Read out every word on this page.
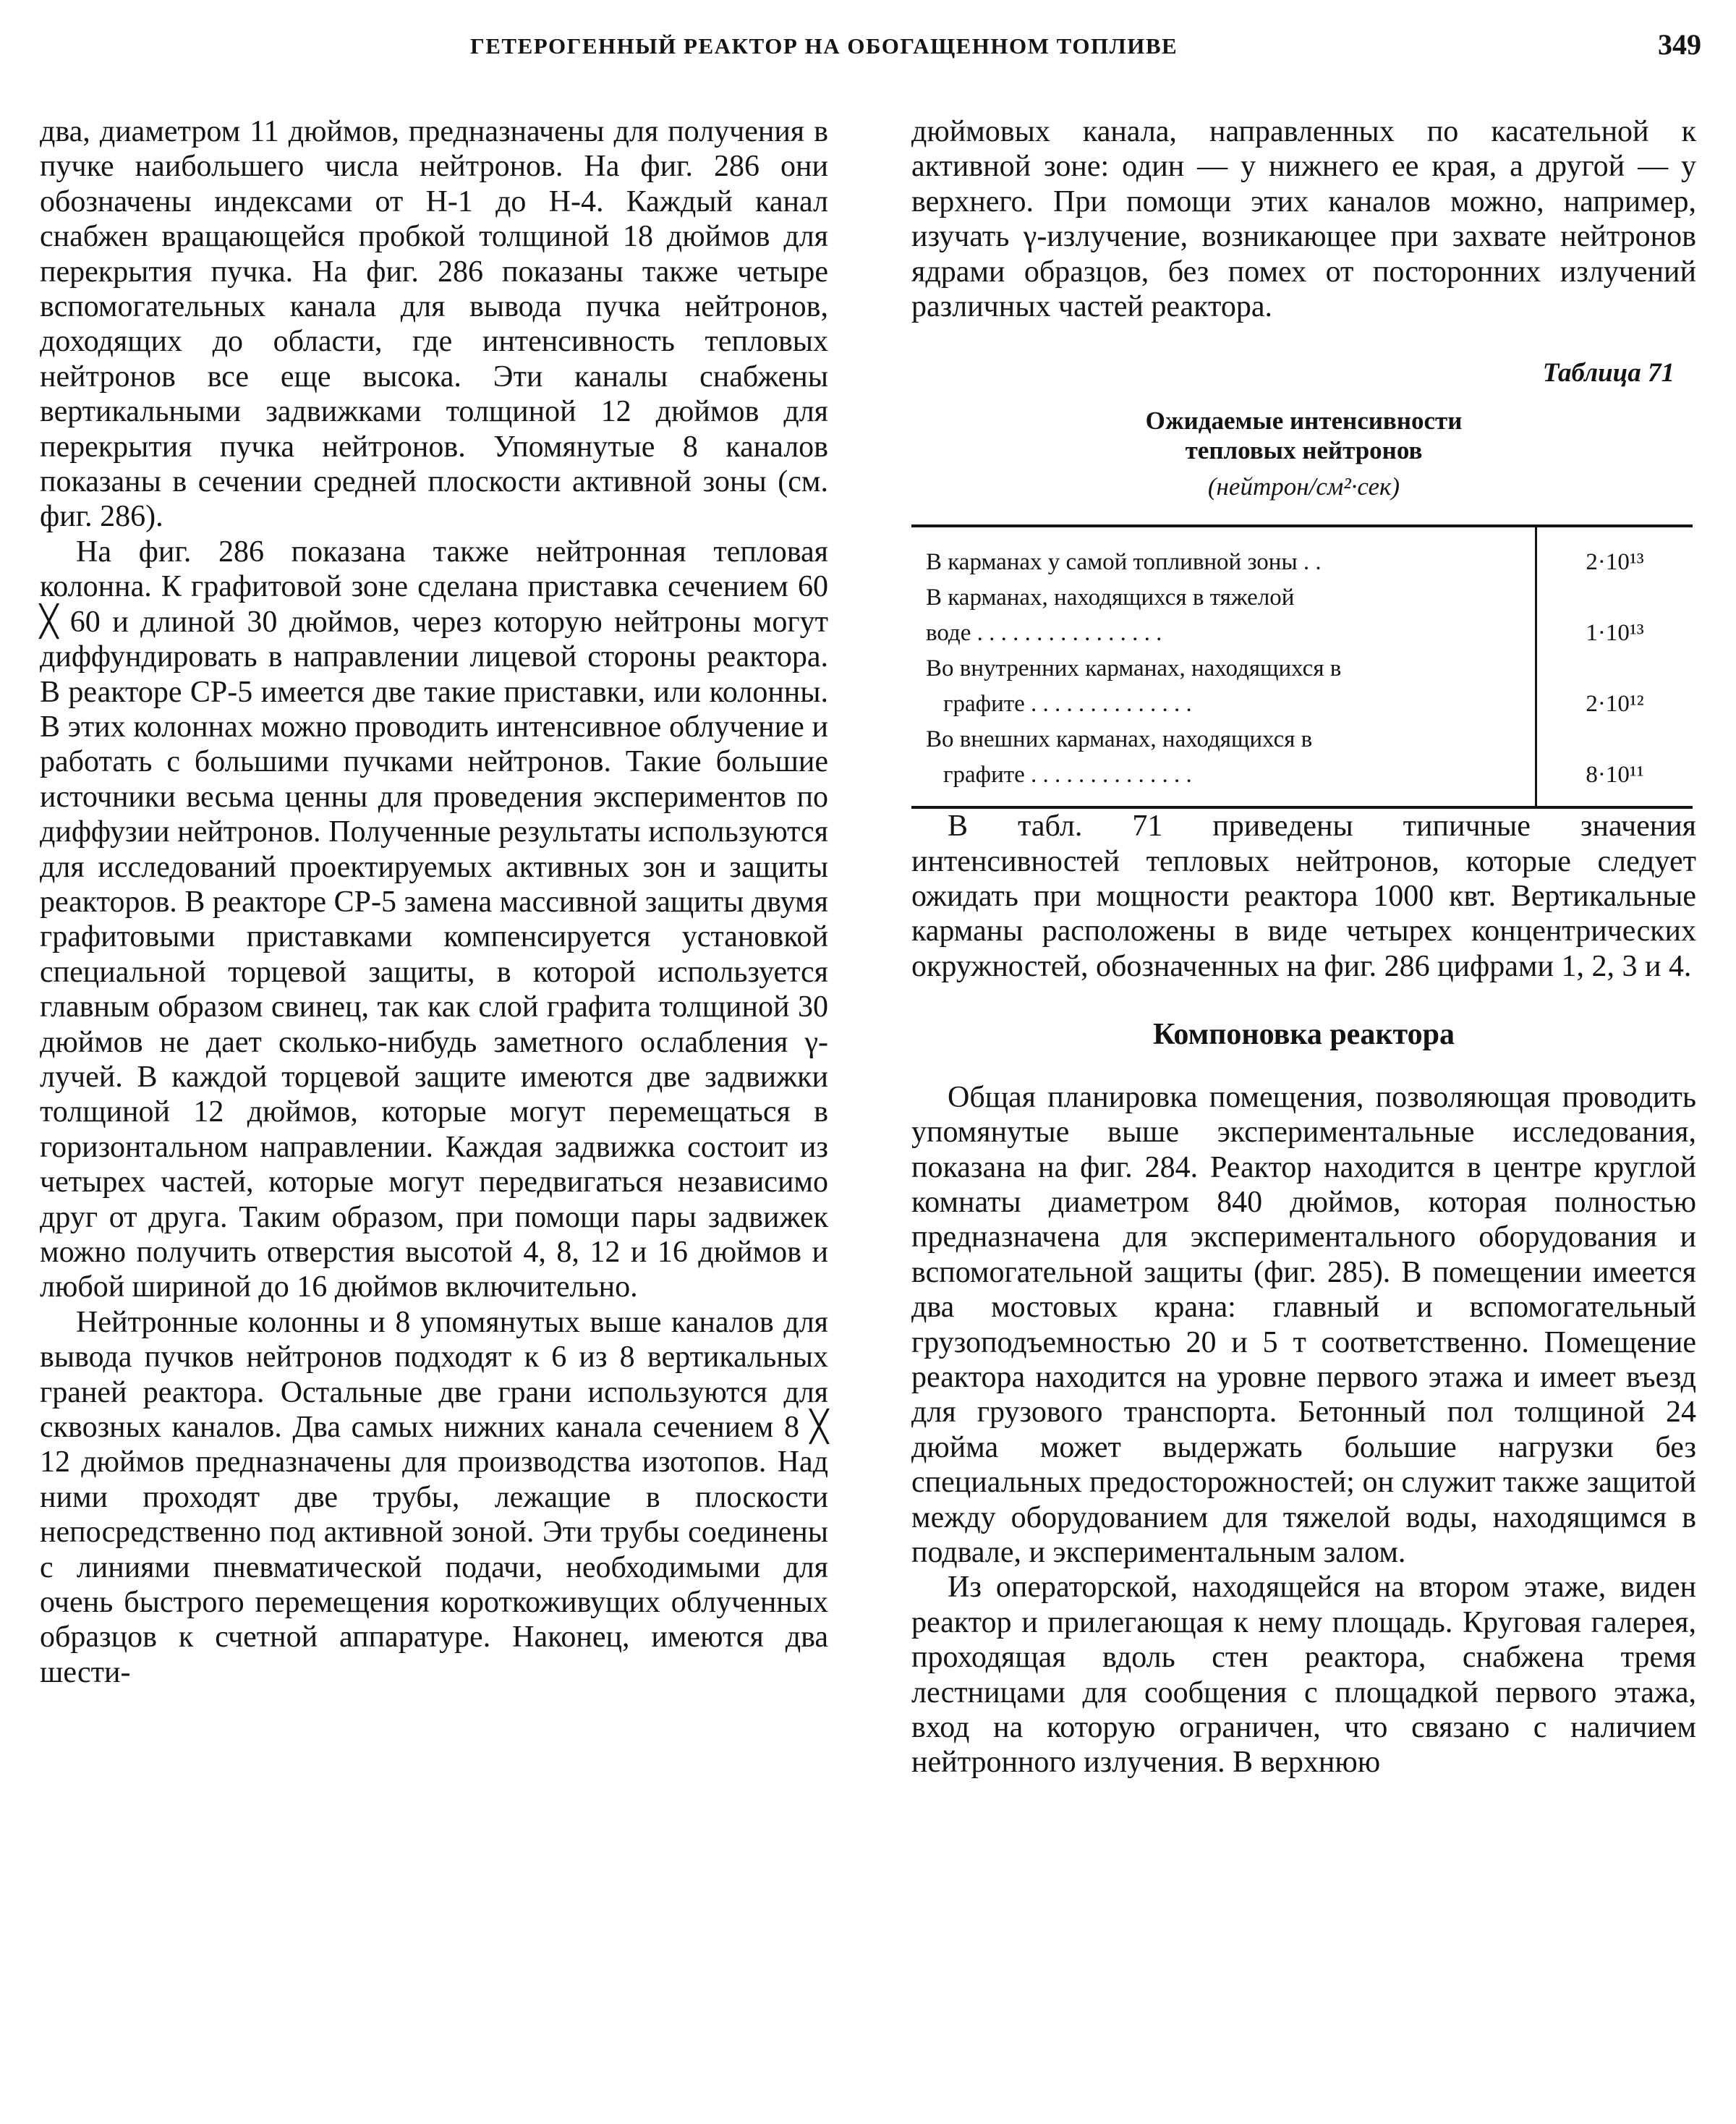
ГЕТЕРОГЕННЫЙ РЕАКТОР НА ОБОГАЩЕННОМ ТОПЛИВЕ	349

два, диаметром 11 дюймов, предназначены для получения в пучке наибольшего числа нейтронов. На фиг. 286 они обозначены индексами от Н-1 до Н-4. Каждый канал снабжен вращающейся пробкой толщиной 18 дюймов для перекрытия пучка. На фиг. 286 показаны также четыре вспомогательных канала для вывода пучка нейтронов, доходящих до области, где интенсивность тепловых нейтронов все еще высока. Эти каналы снабжены вертикальными задвижками толщиной 12 дюймов для перекрытия пучка нейтронов. Упомянутые 8 каналов показаны в сечении средней плоскости активной зоны (см. фиг. 286).

На фиг. 286 показана также нейтронная тепловая колонна. К графитовой зоне сделана приставка сечением 60 ╳ 60 и длиной 30 дюймов, через которую нейтроны могут диффундировать в направлении лицевой стороны реактора. В реакторе СР-5 имеется две такие приставки, или колонны. В этих колоннах можно проводить интенсивное облучение и работать с большими пучками нейтронов. Такие большие источники весьма ценны для проведения экспериментов по диффузии нейтронов. Полученные результаты используются для исследований проектируемых активных зон и защиты реакторов. В реакторе СР-5 замена массивной защиты двумя графитовыми приставками компенсируется установкой специальной торцевой защиты, в которой используется главным образом свинец, так как слой графита толщиной 30 дюймов не дает сколько-нибудь заметного ослабления γ-лучей. В каждой торцевой защите имеются две задвижки толщиной 12 дюймов, которые могут перемещаться в горизонтальном направлении. Каждая задвижка состоит из четырех частей, которые могут передвигаться независимо друг от друга. Таким образом, при помощи пары задвижек можно получить отверстия высотой 4, 8, 12 и 16 дюймов и любой шириной до 16 дюймов включительно.

Нейтронные колонны и 8 упомянутых выше каналов для вывода пучков нейтронов подходят к 6 из 8 вертикальных граней реактора. Остальные две грани используются для сквозных каналов. Два самых нижних канала сечением 8 ╳ 12 дюймов предназначены для производства изотопов. Над ними проходят две трубы, лежащие в плоскости непосредственно под активной зоной. Эти трубы соединены с линиями пневматической подачи, необходимыми для очень быстрого перемещения короткоживущих облученных образцов к счетной аппаратуре. Наконец, имеются два шести-

дюймовых канала, направленных по касательной к активной зоне: один — у нижнего ее края, а другой — у верхнего. При помощи этих каналов можно, например, изучать γ-излучение, возникающее при захвате нейтронов ядрами образцов, без помех от посторонних излучений различных частей реактора.

Таблица 71
Ожидаемые интенсивности
тепловых нейтронов
(нейтрон/см²·сек)
В карманах у самой топливной зоны . .	2·10¹³

В карманах, находящихся в тяжелой
воде . . . . . . . . . . . . . . . .	1·10¹³

Во внутренних карманах, находящихся в
графите . . . . . . . . . . . . . .	2·10¹²

Во внешних карманах, находящихся в
графите . . . . . . . . . . . . . .	8·10¹¹

В табл. 71 приведены типичные значения интенсивностей тепловых нейтронов, которые следует ожидать при мощности реактора 1000 квт. Вертикальные карманы расположены в виде четырех концентрических окружностей, обозначенных на фиг. 286 цифрами 1, 2, 3 и 4.

Компоновка реактора

Общая планировка помещения, позволяющая проводить упомянутые выше экспериментальные исследования, показана на фиг. 284. Реактор находится в центре круглой комнаты диаметром 840 дюймов, которая полностью предназначена для экспериментального оборудования и вспомогательной защиты (фиг. 285). В помещении имеется два мостовых крана: главный и вспомогательный грузоподъемностью 20 и 5 т соответственно. Помещение реактора находится на уровне первого этажа и имеет въезд для грузового транспорта. Бетонный пол толщиной 24 дюйма может выдержать большие нагрузки без специальных предосторожностей; он служит также защитой между оборудованием для тяжелой воды, находящимся в подвале, и экспериментальным залом.

Из операторской, находящейся на втором этаже, виден реактор и прилегающая к нему площадь. Круговая галерея, проходящая вдоль стен реактора, снабжена тремя лестницами для сообщения с площадкой первого этажа, вход на которую ограничен, что связано с наличием нейтронного излучения. В верхнюю
